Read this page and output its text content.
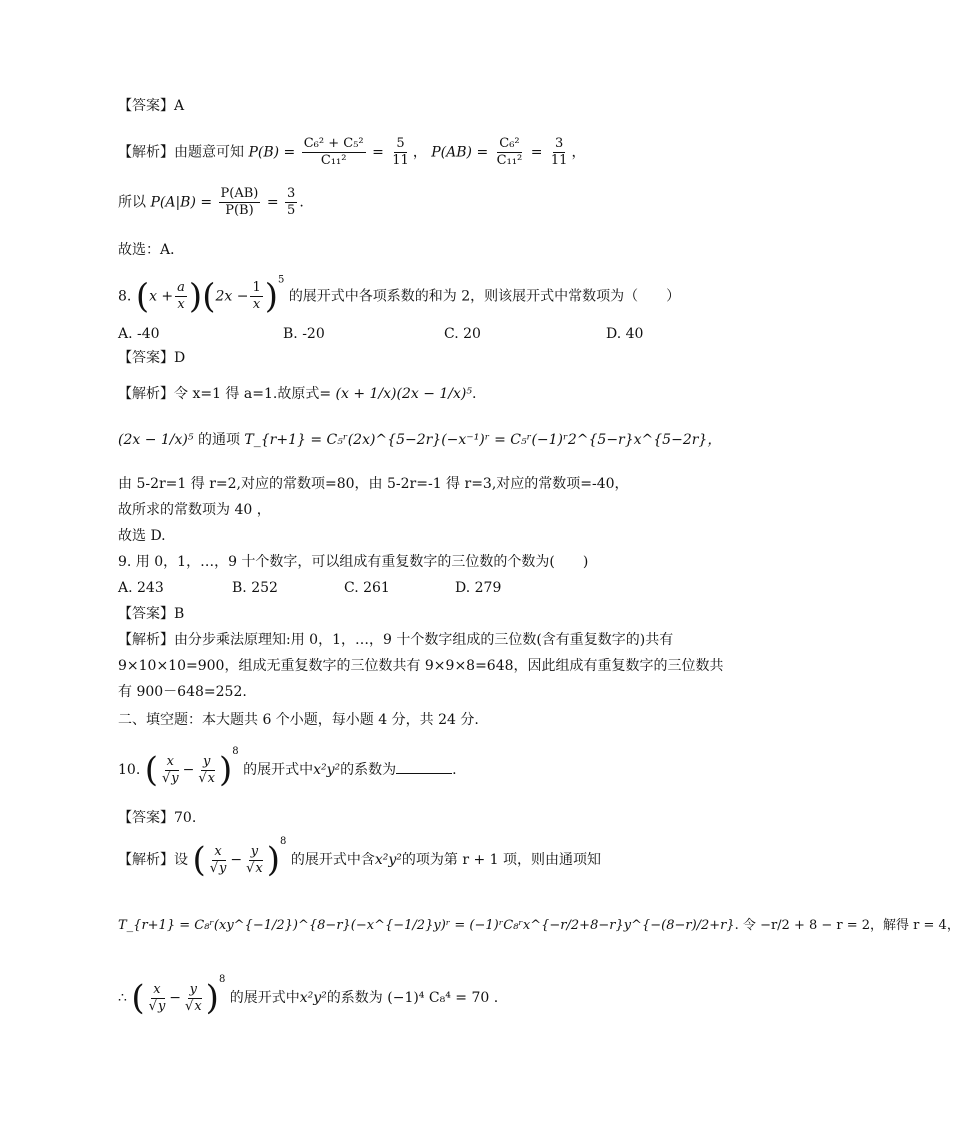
【答案】A
【解析】由题意可知 $P(B) = \frac{\text{C₆² + C₅²}}{\text{C₁₁²}} = \frac{5}{11}$ ， $P(AB) = \frac{\text{C₆²}}{\text{C₁₁²}} = \frac{3}{11}$ ，
所以 $P(A|B) = \frac{P(AB)}{P(B)} = \frac{3}{5}$ .
故选：A．
8. $(x + \frac{a}{x} )(2x - \frac{1}{x} )^5$ 的展开式中各项系数的和为 2，则该展开式中常数项为（　　）
A. -40	B. -20	C. 20	D. 40
【答案】D
【解析】令 x=1 得 a=1.故原式= (x + 1/x)(2x − 1/x)⁵.
(2x − 1/x)⁵ 的通项 T_{r+1} = C₅ʳ(2x)^{5−2r}(−x⁻¹)ʳ = C₅ʳ(−1)ʳ2^{5−r}x^{5−2r}，
由 5-2r=1 得 r=2,对应的常数项=80，由 5-2r=-1 得 r=3,对应的常数项=-40，
故所求的常数项为 40 ，
故选 D.
9. 用 0，1，…，9 十个数字，可以组成有重复数字的三位数的个数为(　　)
A. 243	B. 252	C. 261	D. 279
【答案】B
【解析】由分步乘法原理知:用 0，1，…，9 十个数字组成的三位数(含有重复数字的)共有
9×10×10=900，组成无重复数字的三位数共有 9×9×8=648，因此组成有重复数字的三位数共
有 900－648=252.
二、填空题：本大题共 6 个小题，每小题 4 分，共 24 分.
10. ( $\frac{x}{√y} - \frac{y}{√x} )^8$ 的展开式中x²y²的系数为	.
【答案】70.
【解析】设 ( $\frac{x}{√y} - \frac{y}{√x} )^8$ 的展开式中含x²y²的项为第 r + 1 项，则由通项知
T_{r+1} = C₈ʳ(xy^{−1/2})^{8−r}(−x^{−1/2}y)ʳ = (−1)ʳC₈ʳx^{−r/2+8−r}y^{−(8−r)/2+r}. 令 −r/2 + 8 − r = 2，解得 r = 4，
∴ ( $\frac{x}{√y} - \frac{y}{√x} )^8$ 的展开式中x²y²的系数为 (−1)⁴ C₈⁴ = 70 .
